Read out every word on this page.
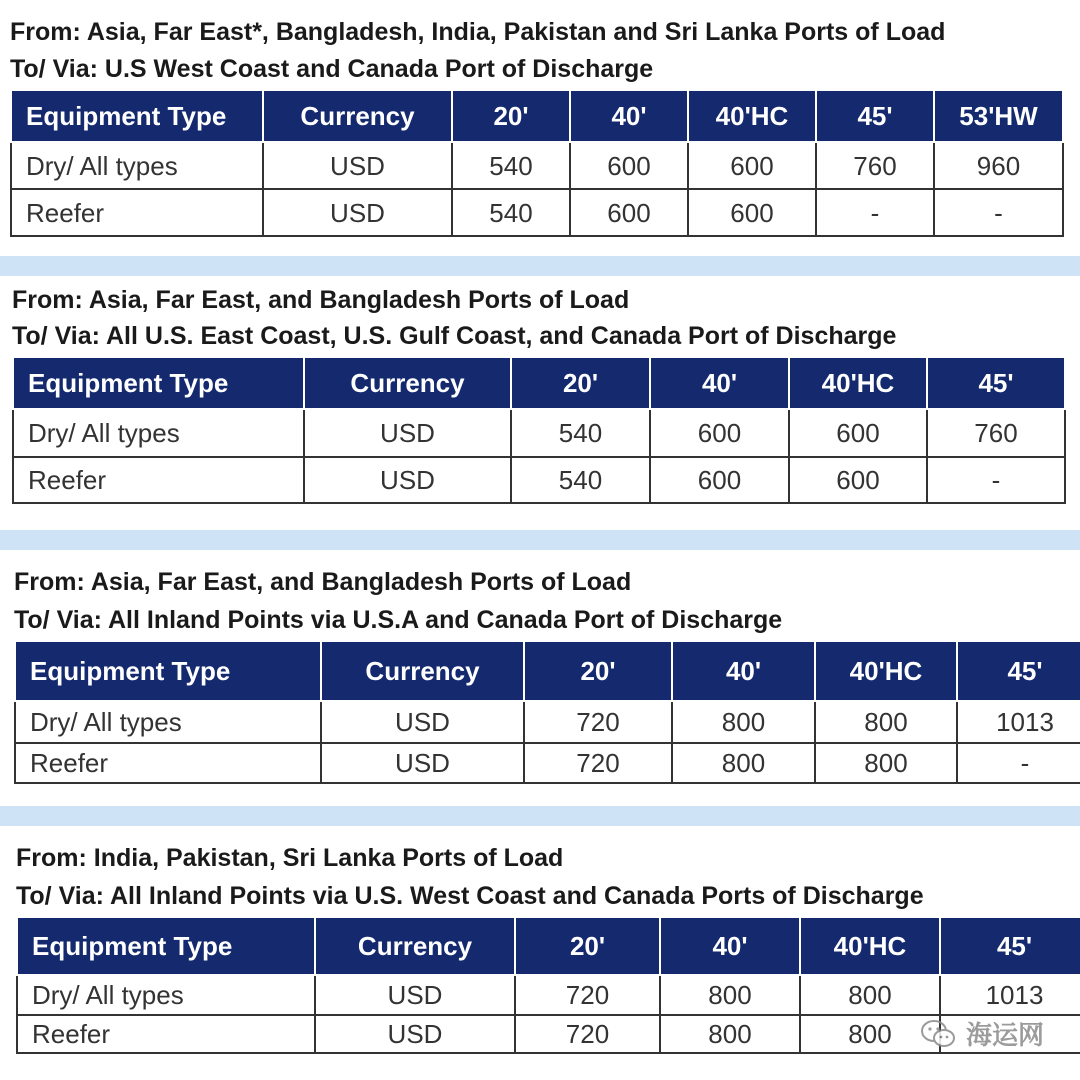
From: Asia, Far East*, Bangladesh, India, Pakistan and Sri Lanka Ports of Load
To/ Via: U.S West Coast and Canada Port of Discharge
Equipment Type	Currency	20'	40'	40'HC	45'	53'HW
Dry/ All types	USD	540	600	600	760	960
Reefer	USD	540	600	600	-	-
From: Asia, Far East, and Bangladesh Ports of Load
To/ Via: All U.S. East Coast, U.S. Gulf Coast, and Canada Port of Discharge
Equipment Type	Currency	20'	40'	40'HC	45'
Dry/ All types	USD	540	600	600	760
Reefer	USD	540	600	600	-
From: Asia, Far East, and Bangladesh Ports of Load
To/ Via: All Inland Points via U.S.A and Canada Port of Discharge
Equipment Type	Currency	20'	40'	40'HC	45'
Dry/ All types	USD	720	800	800	1013
Reefer	USD	720	800	800	-
From: India, Pakistan, Sri Lanka Ports of Load
To/ Via: All Inland Points via U.S. West Coast and Canada Ports of Discharge
Equipment Type	Currency	20'	40'	40'HC	45'
Dry/ All types	USD	720	800	800	1013
Reefer	USD	720	800	800		海运网
